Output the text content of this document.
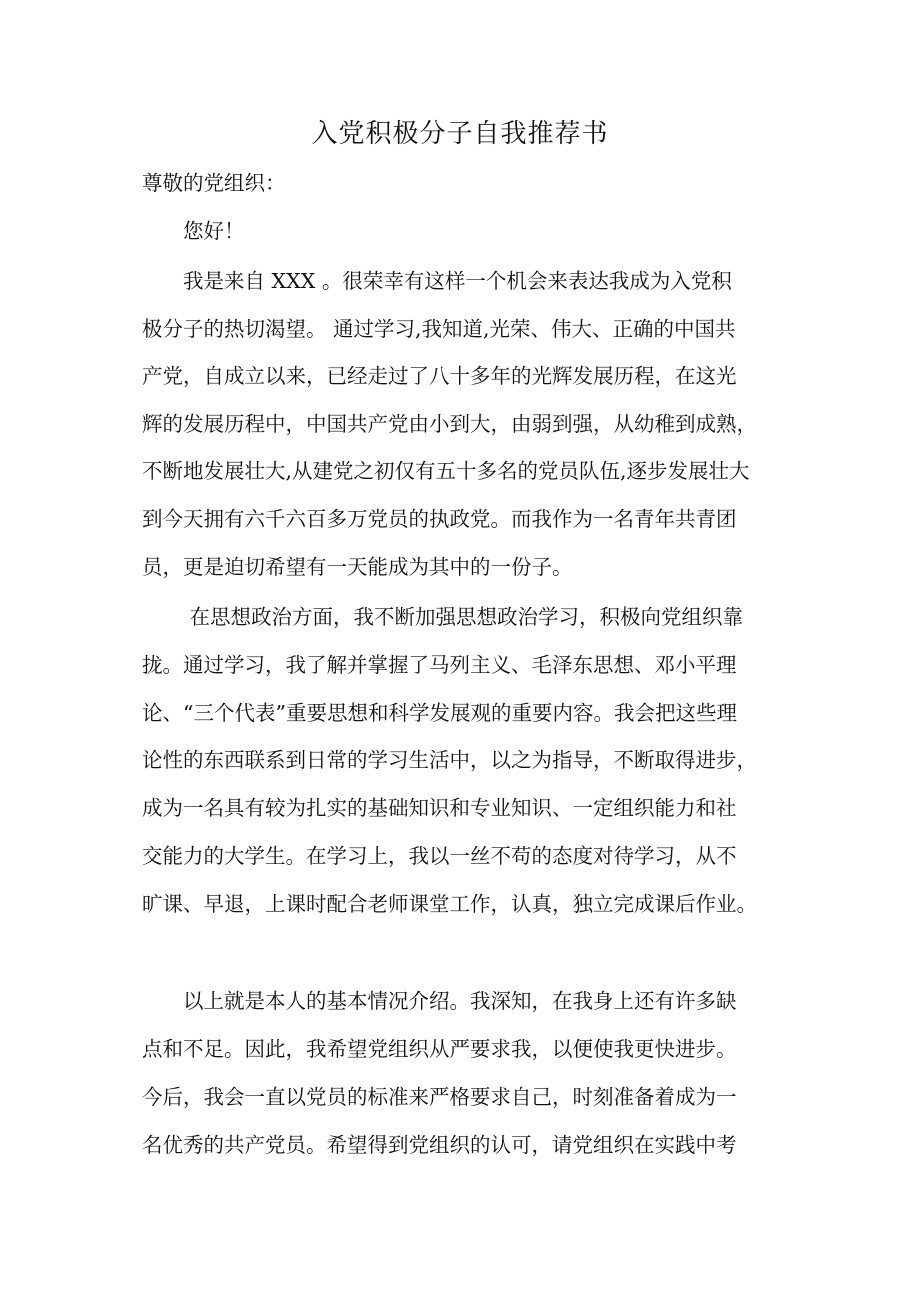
入党积极分子自我推荐书
尊敬的党组织：
　　您好！
　　我是来自 XXX 。很荣幸有这样一个机会来表达我成为入党积
极分子的热切渴望。 通过学习,我知道,光荣、伟大、正确的中国共
产党，自成立以来，已经走过了八十多年的光辉发展历程，在这光
辉的发展历程中，中国共产党由小到大，由弱到强，从幼稚到成熟，
不断地发展壮大,从建党之初仅有五十多名的党员队伍,逐步发展壮大
到今天拥有六千六百多万党员的执政党。而我作为一名青年共青团
员，更是迫切希望有一天能成为其中的一份子。
　　 在思想政治方面，我不断加强思想政治学习，积极向党组织靠
拢。通过学习，我了解并掌握了马列主义、毛泽东思想、邓小平理
论、“三个代表”重要思想和科学发展观的重要内容。我会把这些理
论性的东西联系到日常的学习生活中，以之为指导，不断取得进步，
成为一名具有较为扎实的基础知识和专业知识、一定组织能力和社
交能力的大学生。在学习上，我以一丝不苟的态度对待学习，从不
旷课、早退，上课时配合老师课堂工作，认真，独立完成课后作业。
　　以上就是本人的基本情况介绍。我深知，在我身上还有许多缺
点和不足。因此，我希望党组织从严要求我，以便使我更快进步。
今后，我会一直以党员的标准来严格要求自己，时刻准备着成为一
名优秀的共产党员。希望得到党组织的认可，请党组织在实践中考
